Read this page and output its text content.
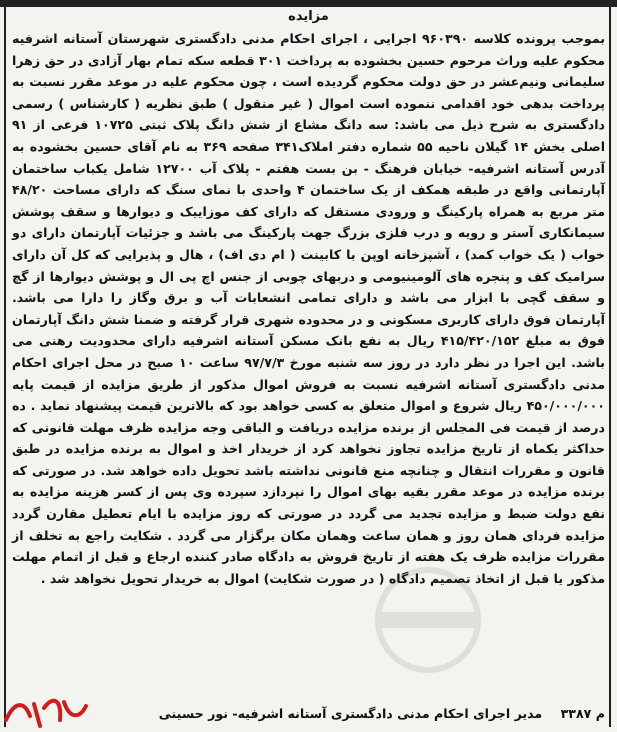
مزایده
بموجب پرونده کلاسه ۹۶۰۳۹۰ اجرایی ، اجرای احکام مدنی دادگستری شهرستان آستانه اشرفیه محکوم علیه وراث مرحوم حسین بخشوده به پرداخت ۳۰۱ قطعه سکه تمام بهار آزادی در حق زهرا سلیمانی ونیم‌عشر در حق دولت محکوم گردیده است ، چون محکوم علیه در موعد مقرر نسبت به پرداخت بدهی خود اقدامی ننموده است اموال ( غیر منقول ) طبق نظریه ( کارشناس ) رسمی دادگستری به شرح ذیل می باشد: سه دانگ مشاع از شش دانگ پلاک ثبتی ۱۰۷۲۵ فرعی از ۹۱ اصلی بخش ۱۴ گیلان ناحیه ۵۵ شماره دفتر املاک۳۴۱ صفحه ۳۶۹ به نام آقای حسین بخشوده به آدرس آستانه اشرفیه- خیابان فرهنگ - بن بست هفتم - پلاک آب ۱۲۷۰۰ شامل یکباب ساختمان آپارتمانی واقع در طبقه همکف از یک ساختمان ۴ واحدی با نمای سنگ که دارای مساحت ۴۸/۲۰ متر مربع به همراه پارکینگ و ورودی مستقل که دارای کف موزاییک و دیوارها و سقف پوشش سیمانکاری آستر و رویه و درب فلزی بزرگ جهت پارکینگ می باشد و جزئیات آپارتمان دارای دو خواب ( یک خواب کمد) ، آشپزخانه اوپن با کابینت ( ام دی اف) ، هال و پذیرایی که کل آن دارای سرامیک کف و پنجره های آلومینیومی و دربهای چوبی از جنس اچ پی ال و پوشش دیوارها از گچ و سقف گچی با ابزار می باشد و دارای تمامی انشعابات آب و برق وگاز را دارا می باشد. آپارتمان فوق دارای کاربری مسکونی و در محدوده شهری قرار گرفته و ضمنا شش دانگ آپارتمان فوق به مبلغ ۴۱۵/۴۲۰/۱۵۲ ریال به نفع بانک مسکن آستانه اشرفیه دارای محدودیت رهنی می باشد. این اجرا در نظر دارد در روز سه شنبه مورخ ۹۷/۷/۳ ساعت ۱۰ صبح در محل اجرای احکام مدنی دادگستری آستانه اشرفیه نسبت به فروش اموال مذکور از طریق مزایده از قیمت پایه ۴۵۰/۰۰۰/۰۰۰ ریال شروع و اموال متعلق به کسی خواهد بود که بالاترین قیمت پیشنهاد نماید . ده درصد از قیمت فی المجلس از برنده مزایده دریافت و الباقی وجه مزایده ظرف مهلت قانونی که حداکثر یکماه از تاریخ مزایده تجاوز نخواهد کرد از خریدار اخذ و اموال به برنده مزایده در طبق قانون و مقررات انتقال و چنانچه منع قانونی نداشته باشد تحویل داده خواهد شد. در صورتی که برنده مزایده در موعد مقرر بقیه بهای اموال را نپردازد سپرده وی پس از کسر هزینه مزایده به نفع دولت ضبط و مزایده تجدید می گردد در صورتی که روز مزایده با ایام تعطیل مقارن گردد مزایده فردای همان روز و همان ساعت وهمان مکان برگزار می گردد . شکایت راجع به تخلف از مقررات مزایده ظرف یک هفته از تاریخ فروش به دادگاه صادر کننده ارجاع و قبل از اتمام مهلت مذکور یا قبل از اتخاذ تصمیم دادگاه ( در صورت شکایت) اموال به خریدار تحویل نخواهد شد .
م ۳۳۸۷ مدیر اجرای احکام مدنی دادگستری آستانه اشرفیه- نور حسینی
